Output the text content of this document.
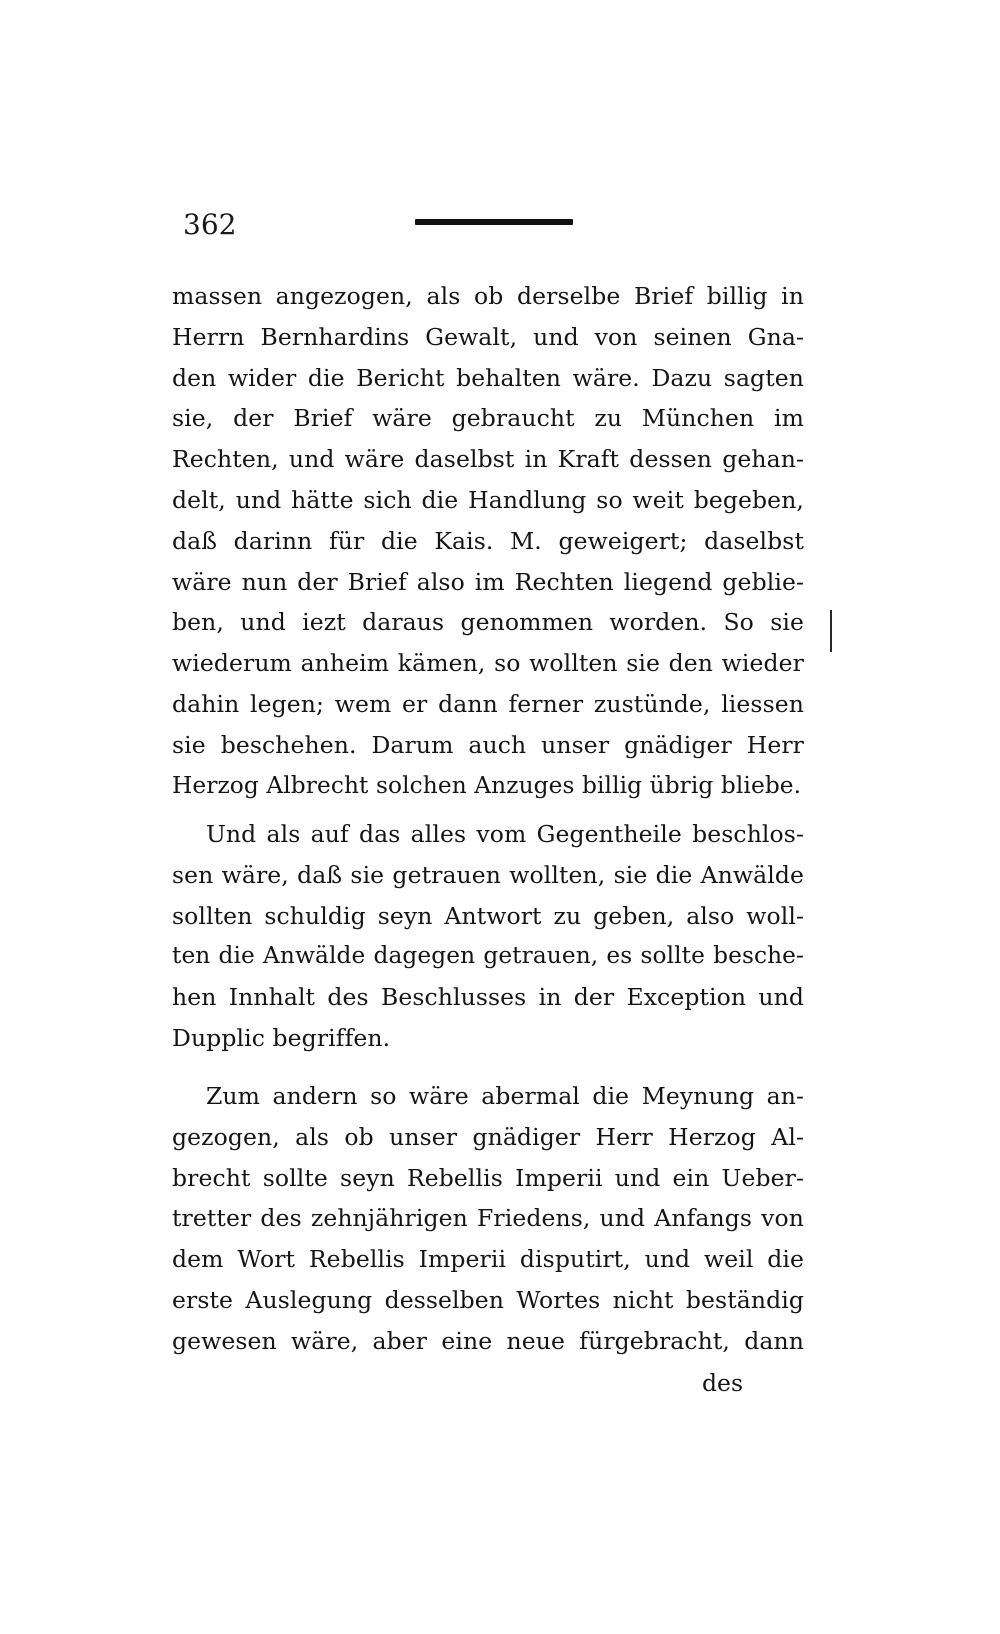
362
massen angezogen, als ob derselbe Brief billig in
Herrn Bernhardins Gewalt, und von seinen Gna-
den wider die Bericht behalten wäre. Dazu sagten
sie, der Brief wäre gebraucht zu München im
Rechten, und wäre daselbst in Kraft dessen gehan-
delt, und hätte sich die Handlung so weit begeben,
daß darinn für die Kais. M. geweigert; daselbst
wäre nun der Brief also im Rechten liegend geblie-
ben, und iezt daraus genommen worden. So sie
wiederum anheim kämen, so wollten sie den wieder
dahin legen; wem er dann ferner zustünde, liessen
sie beschehen. Darum auch unser gnädiger Herr
Herzog Albrecht solchen Anzuges billig übrig bliebe.
Und als auf das alles vom Gegentheile beschlos-
sen wäre, daß sie getrauen wollten, sie die Anwälde
sollten schuldig seyn Antwort zu geben, also woll-
ten die Anwälde dagegen getrauen, es sollte besche-
hen Innhalt des Beschlusses in der Exception und
Dupplic begriffen.
Zum andern so wäre abermal die Meynung an-
gezogen, als ob unser gnädiger Herr Herzog Al-
brecht sollte seyn Rebellis Imperii und ein Ueber-
tretter des zehnjährigen Friedens, und Anfangs von
dem Wort Rebellis Imperii disputirt, und weil die
erste Auslegung desselben Wortes nicht beständig
gewesen wäre, aber eine neue fürgebracht, dann
des
